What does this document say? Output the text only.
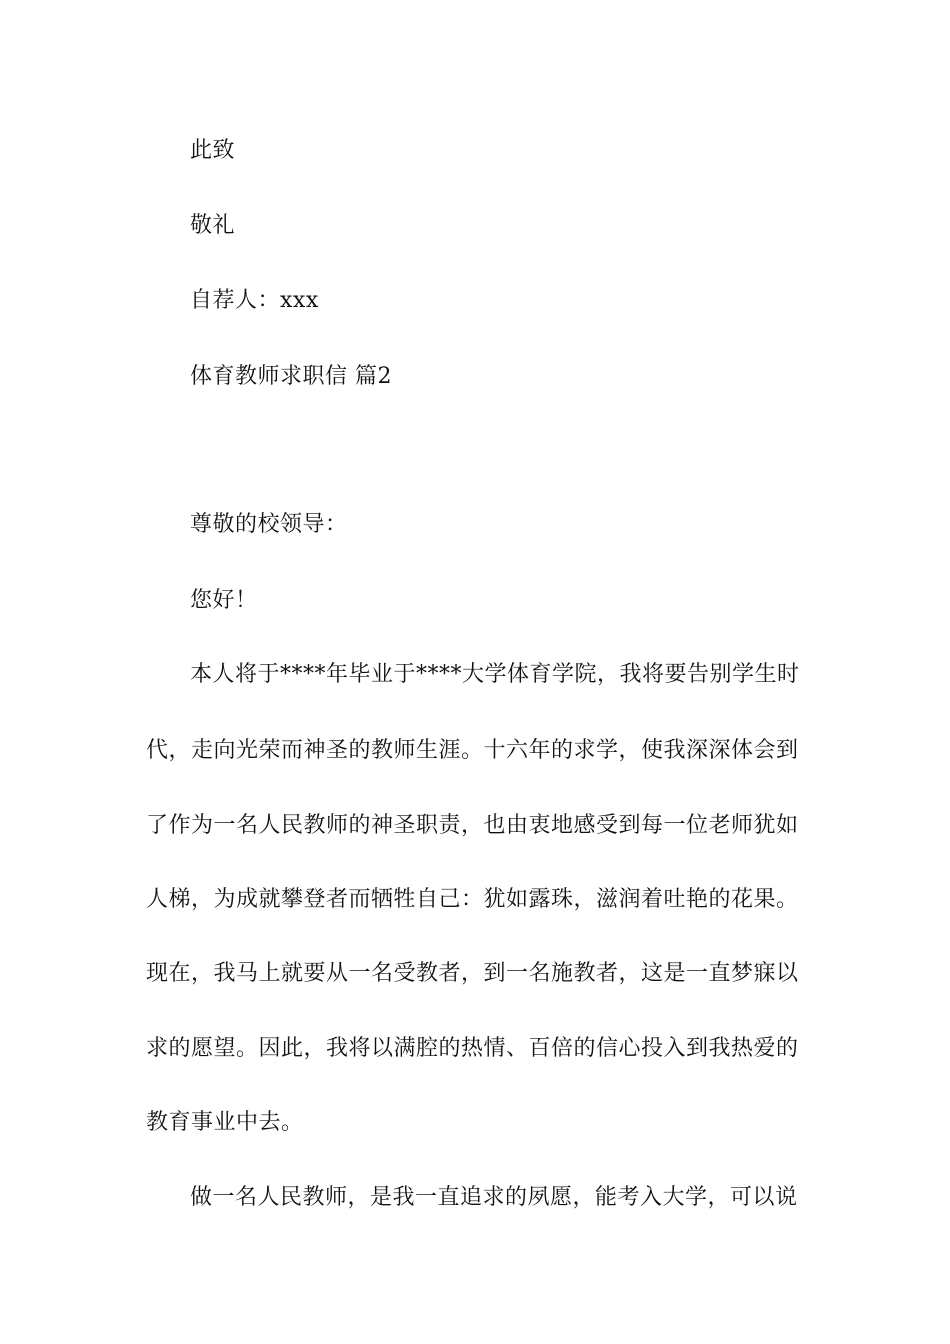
此致
敬礼
自荐人：xxx
体育教师求职信 篇2
尊敬的校领导：
您好！
本人将于****年毕业于****大学体育学院，我将要告别学生时
代，走向光荣而神圣的教师生涯。十六年的求学，使我深深体会到
了作为一名人民教师的神圣职责，也由衷地感受到每一位老师犹如
人梯，为成就攀登者而牺牲自己：犹如露珠，滋润着吐艳的花果。
现在，我马上就要从一名受教者，到一名施教者，这是一直梦寐以
求的愿望。因此，我将以满腔的热情、百倍的信心投入到我热爱的
教育事业中去。
做一名人民教师，是我一直追求的夙愿，能考入大学，可以说
